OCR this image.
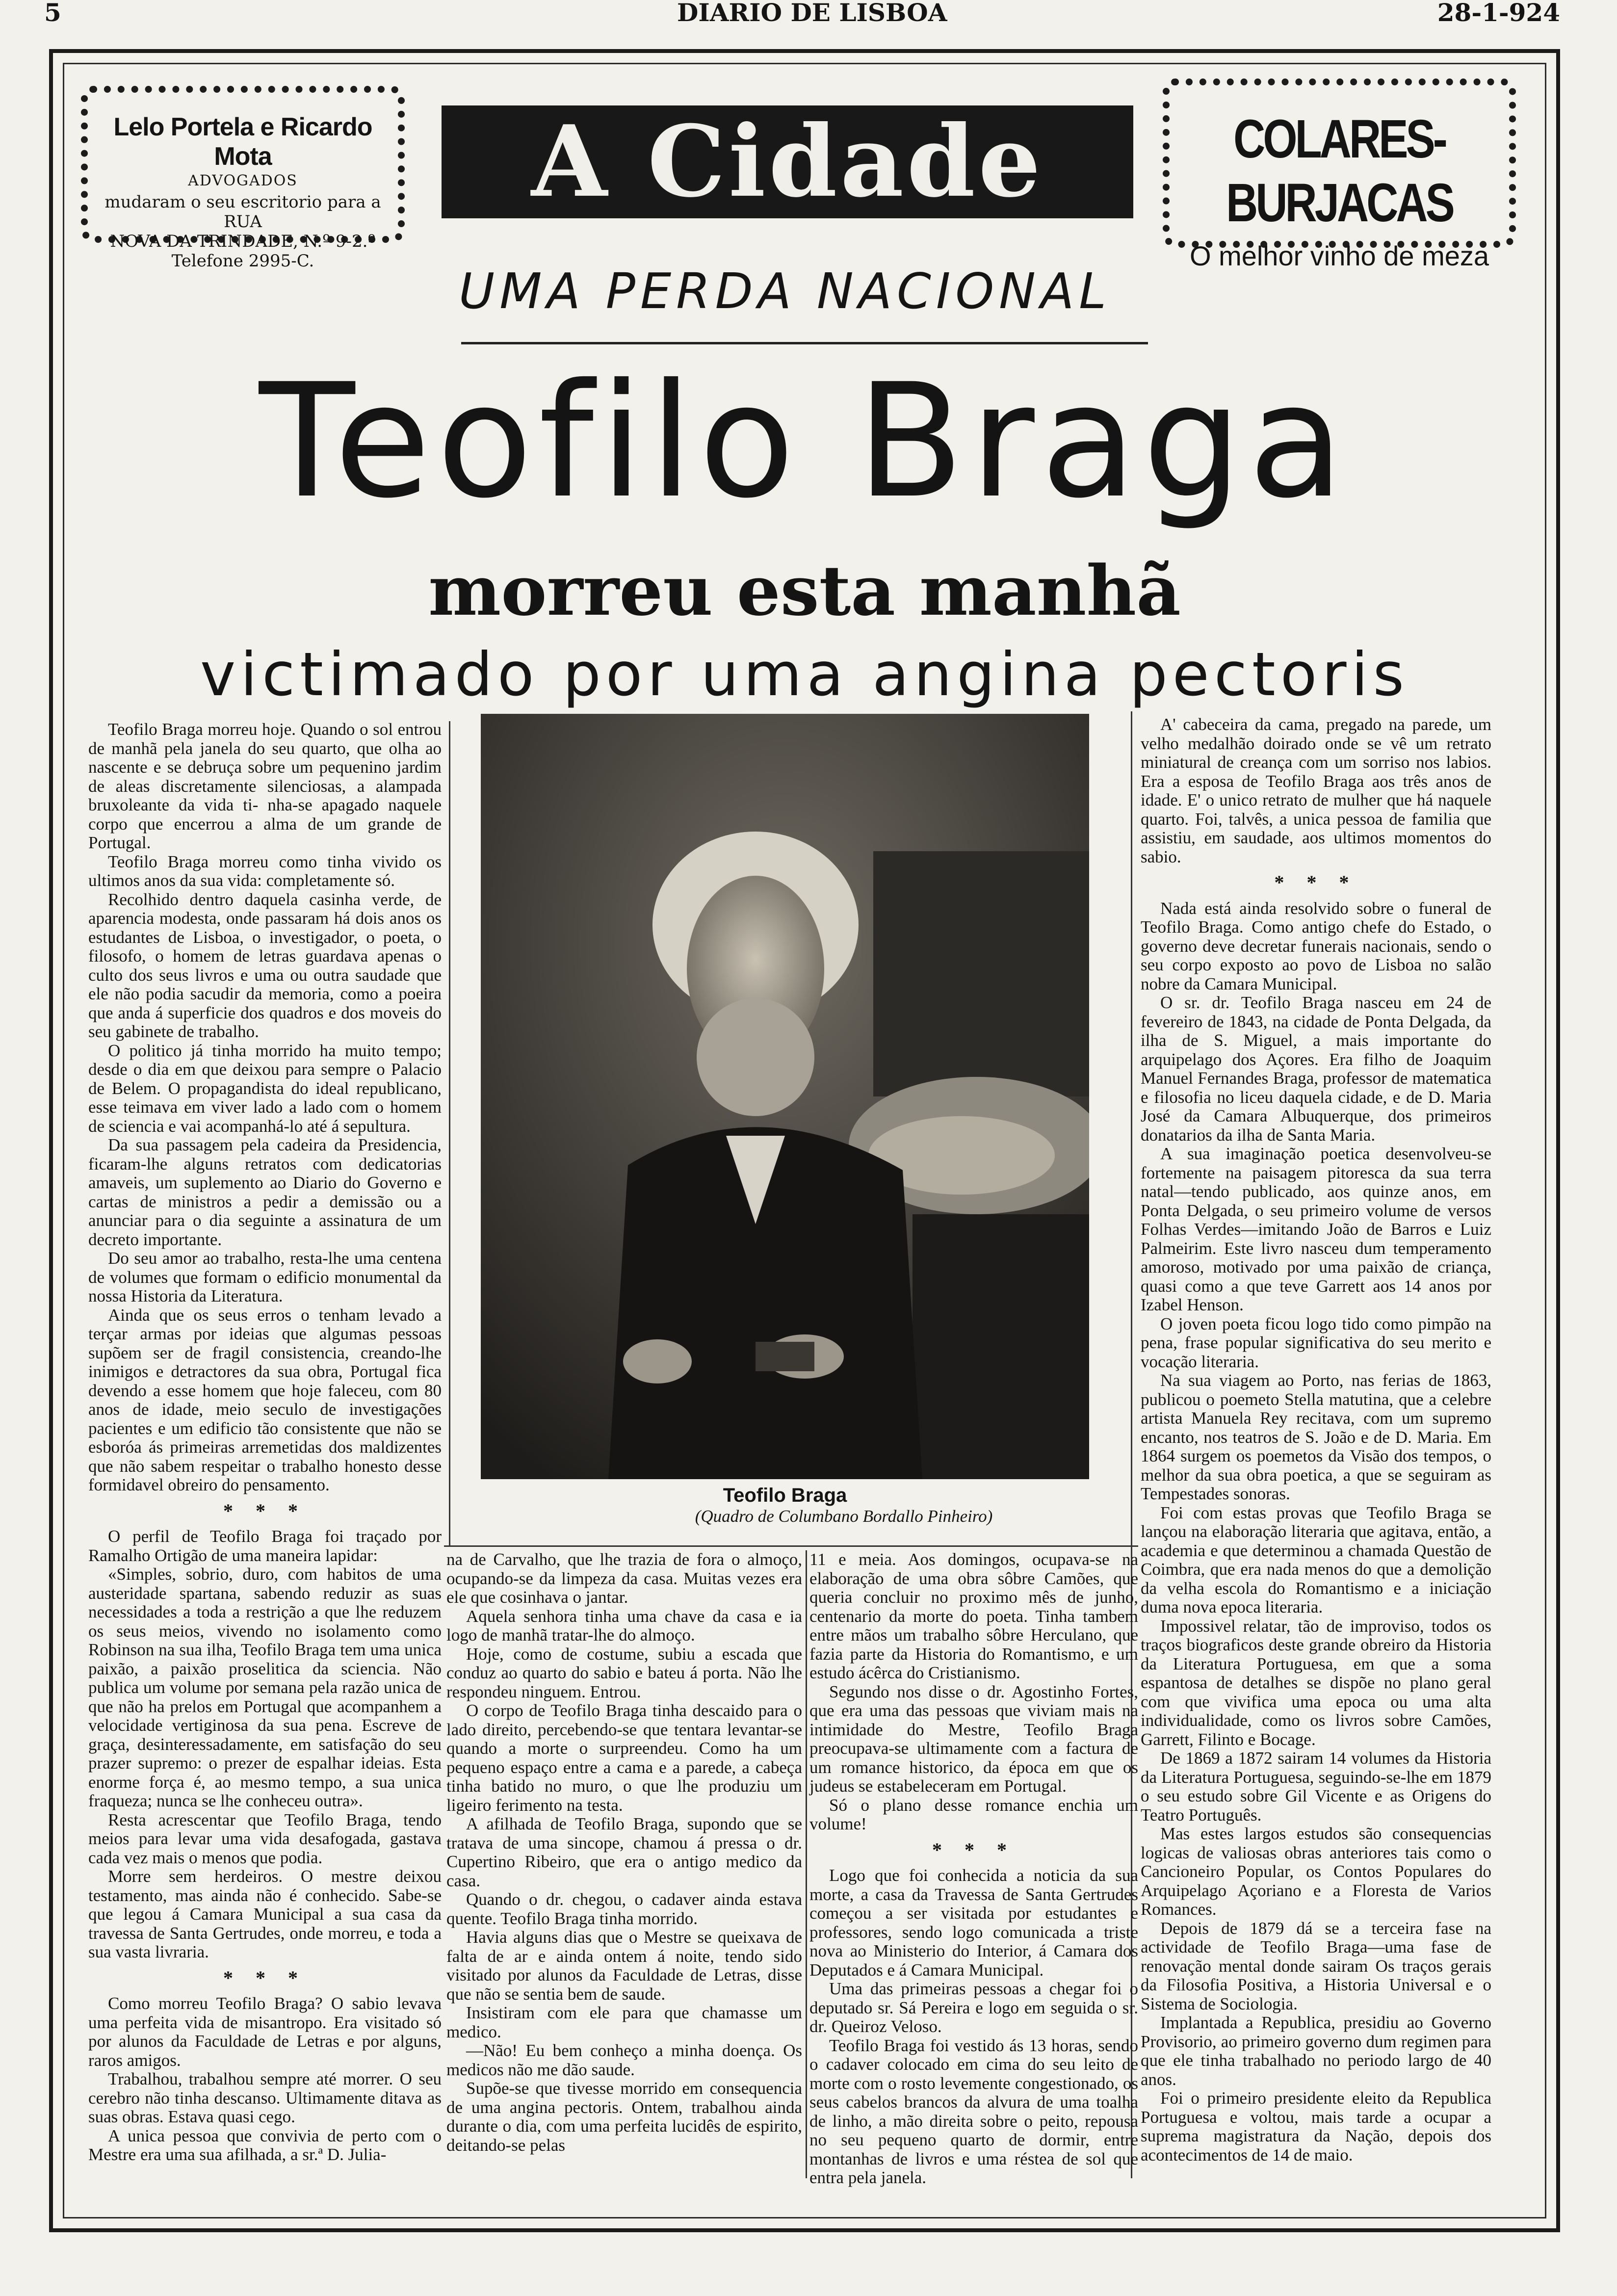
5	DIARIO DE LISBOA	28-1-924
Lelo Portela e Ricardo Mota
ADVOGADOS
mudaram o seu escritorio para a RUA
NOVA DA TRINDADE, N.º 9-2.º
Telefone 2995-C.
A Cidade	COLARES-BURJACAS
O melhor vinho de meza
UMA PERDA NACIONAL
Teofilo Braga
morreu esta manhã
victimado por uma angina pectoris
Teofilo Braga
(Quadro de Columbano Bordallo Pinheiro)

Teofilo Braga morreu hoje. Quando o sol entrou de manhã pela janela do seu quarto, que olha ao nascente e se debruça sobre um pequenino jardim de aleas discretamente silenciosas, a alampada bruxoleante da vida ti- nha-se apagado naquele corpo que encerrou a alma de um grande de Portugal.

Teofilo Braga morreu como tinha vivido os ultimos anos da sua vida: completamente só.

Recolhido dentro daquela casinha verde, de aparencia modesta, onde passaram há dois anos os estudantes de Lisboa, o investigador, o poeta, o filosofo, o homem de letras guardava apenas o culto dos seus livros e uma ou outra saudade que ele não podia sacudir da memoria, como a poeira que anda á superficie dos quadros e dos moveis do seu gabinete de trabalho.

O politico já tinha morrido ha muito tempo; desde o dia em que deixou para sempre o Palacio de Belem. O propagandista do ideal republicano, esse teimava em viver lado a lado com o homem de sciencia e vai acompanhá-lo até á sepultura.

Da sua passagem pela cadeira da Presidencia, ficaram-lhe alguns retratos com dedicatorias amaveis, um suplemento ao Diario do Governo e cartas de ministros a pedir a demissão ou a anunciar para o dia seguinte a assinatura de um decreto importante.

Do seu amor ao trabalho, resta-lhe uma centena de volumes que formam o edificio monumental da nossa Historia da Literatura.

Ainda que os seus erros o tenham levado a terçar armas por ideias que algumas pessoas supõem ser de fragil consistencia, creando-lhe inimigos e detractores da sua obra, Portugal fica devendo a esse homem que hoje faleceu, com 80 anos de idade, meio seculo de investigações pacientes e um edificio tão consistente que não se esboróa ás primeiras arremetidas dos maldizentes que não sabem respeitar o trabalho honesto desse formidavel obreiro do pensamento.

* * *

O perfil de Teofilo Braga foi traçado por Ramalho Ortigão de uma maneira lapidar:

«Simples, sobrio, duro, com habitos de uma austeridade spartana, sabendo reduzir as suas necessidades a toda a restrição a que lhe reduzem os seus meios, vivendo no isolamento como Robinson na sua ilha, Teofilo Braga tem uma unica paixão, a paixão proselitica da sciencia. Não publica um volume por semana pela razão unica de que não ha prelos em Portugal que acompanhem a velocidade vertiginosa da sua pena. Escreve de graça, desinteressadamente, em satisfação do seu prazer supremo: o prezer de espalhar ideias. Esta enorme força é, ao mesmo tempo, a sua unica fraqueza; nunca se lhe conheceu outra».

Resta acrescentar que Teofilo Braga, tendo meios para levar uma vida desafogada, gastava cada vez mais o menos que podia.

Morre sem herdeiros. O mestre deixou testamento, mas ainda não é conhecido. Sabe-se que legou á Camara Municipal a sua casa da travessa de Santa Gertrudes, onde morreu, e toda a sua vasta livraria.

* * *

Como morreu Teofilo Braga? O sabio levava uma perfeita vida de misantropo. Era visitado só por alunos da Faculdade de Letras e por alguns, raros amigos.

Trabalhou, trabalhou sempre até morrer. O seu cerebro não tinha descanso. Ultimamente ditava as suas obras. Estava quasi cego.

A unica pessoa que convivia de perto com o Mestre era uma sua afilhada, a sr.ª D. Julia-

na de Carvalho, que lhe trazia de fora o almoço, ocupando-se da limpeza da casa. Muitas vezes era ele que cosinhava o jantar.

Aquela senhora tinha uma chave da casa e ia logo de manhã tratar-lhe do almoço.

Hoje, como de costume, subiu a escada que conduz ao quarto do sabio e bateu á porta. Não lhe respondeu ninguem. Entrou.

O corpo de Teofilo Braga tinha descaido para o lado direito, percebendo-se que tentara levantar-se quando a morte o surpreendeu. Como ha um pequeno espaço entre a cama e a parede, a cabeça tinha batido no muro, o que lhe produziu um ligeiro ferimento na testa.

A afilhada de Teofilo Braga, supondo que se tratava de uma sincope, chamou á pressa o dr. Cupertino Ribeiro, que era o antigo medico da casa.

Quando o dr. chegou, o cadaver ainda estava quente. Teofilo Braga tinha morrido.

Havia alguns dias que o Mestre se queixava de falta de ar e ainda ontem á noite, tendo sido visitado por alunos da Faculdade de Letras, disse que não se sentia bem de saude.

Insistiram com ele para que chamasse um medico.

—Não! Eu bem conheço a minha doença. Os medicos não me dão saude.

Supõe-se que tivesse morrido em consequencia de uma angina pectoris. Ontem, trabalhou ainda durante o dia, com uma perfeita lucidês de espirito, deitando-se pelas

11 e meia. Aos domingos, ocupava-se na elaboração de uma obra sôbre Camões, que queria concluir no proximo mês de junho, centenario da morte do poeta. Tinha tambem entre mãos um trabalho sôbre Herculano, que fazia parte da Historia do Romantismo, e um estudo ácêrca do Cristianismo.

Segundo nos disse o dr. Agostinho Fortes, que era uma das pessoas que viviam mais na intimidade do Mestre, Teofilo Braga preocupava-se ultimamente com a factura de um romance historico, da época em que os judeus se estabeleceram em Portugal.

Só o plano desse romance enchia um volume!

* * *

Logo que foi conhecida a noticia da sua morte, a casa da Travessa de Santa Gertrudes começou a ser visitada por estudantes e professores, sendo logo comunicada a triste nova ao Ministerio do Interior, á Camara dos Deputados e á Camara Municipal.

Uma das primeiras pessoas a chegar foi o deputado sr. Sá Pereira e logo em seguida o sr. dr. Queiroz Veloso.

Teofilo Braga foi vestido ás 13 horas, sendo o cadaver colocado em cima do seu leito de morte com o rosto levemente congestionado, os seus cabelos brancos da alvura de uma toalha de linho, a mão direita sobre o peito, repousa no seu pequeno quarto de dormir, entre montanhas de livros e uma réstea de sol que entra pela janela.

A' cabeceira da cama, pregado na parede, um velho medalhão doirado onde se vê um retrato miniatural de creança com um sorriso nos labios. Era a esposa de Teofilo Braga aos três anos de idade. E' o unico retrato de mulher que há naquele quarto. Foi, talvês, a unica pessoa de familia que assistiu, em saudade, aos ultimos momentos do sabio.

* * *

Nada está ainda resolvido sobre o funeral de Teofilo Braga. Como antigo chefe do Estado, o governo deve decretar funerais nacionais, sendo o seu corpo exposto ao povo de Lisboa no salão nobre da Camara Municipal.

O sr. dr. Teofilo Braga nasceu em 24 de fevereiro de 1843, na cidade de Ponta Delgada, da ilha de S. Miguel, a mais importante do arquipelago dos Açores. Era filho de Joaquim Manuel Fernandes Braga, professor de matematica e filosofia no liceu daquela cidade, e de D. Maria José da Camara Albuquerque, dos primeiros donatarios da ilha de Santa Maria.

A sua imaginação poetica desenvolveu-se fortemente na paisagem pitoresca da sua terra natal—tendo publicado, aos quinze anos, em Ponta Delgada, o seu primeiro volume de versos Folhas Verdes—imitando João de Barros e Luiz Palmeirim. Este livro nasceu dum temperamento amoroso, motivado por uma paixão de criança, quasi como a que teve Garrett aos 14 anos por Izabel Henson.

O joven poeta ficou logo tido como pimpão na pena, frase popular significativa do seu merito e vocação literaria.

Na sua viagem ao Porto, nas ferias de 1863, publicou o poemeto Stella matutina, que a celebre artista Manuela Rey recitava, com um supremo encanto, nos teatros de S. João e de D. Maria. Em 1864 surgem os poemetos da Visão dos tempos, o melhor da sua obra poetica, a que se seguiram as Tempestades sonoras.

Foi com estas provas que Teofilo Braga se lançou na elaboração literaria que agitava, então, a academia e que determinou a chamada Questão de Coimbra, que era nada menos do que a demolição da velha escola do Romantismo e a iniciação duma nova epoca literaria.

Impossivel relatar, tão de improviso, todos os traços biograficos deste grande obreiro da Historia da Literatura Portuguesa, em que a soma espantosa de detalhes se dispõe no plano geral com que vivifica uma epoca ou uma alta individualidade, como os livros sobre Camões, Garrett, Filinto e Bocage.

De 1869 a 1872 sairam 14 volumes da Historia da Literatura Portuguesa, seguindo-se-lhe em 1879 o seu estudo sobre Gil Vicente e as Origens do Teatro Português.

Mas estes largos estudos são consequencias logicas de valiosas obras anteriores tais como o Cancioneiro Popular, os Contos Populares do Arquipelago Açoriano e a Floresta de Varios Romances.

Depois de 1879 dá se a terceira fase na actividade de Teofilo Braga—uma fase de renovação mental donde sairam Os traços gerais da Filosofia Positiva, a Historia Universal e o Sistema de Sociologia.

Implantada a Republica, presidiu ao Governo Provisorio, ao primeiro governo dum regimen para que ele tinha trabalhado no periodo largo de 40 anos.

Foi o primeiro presidente eleito da Republica Portuguesa e voltou, mais tarde a ocupar a suprema magistratura da Nação, depois dos acontecimentos de 14 de maio.
